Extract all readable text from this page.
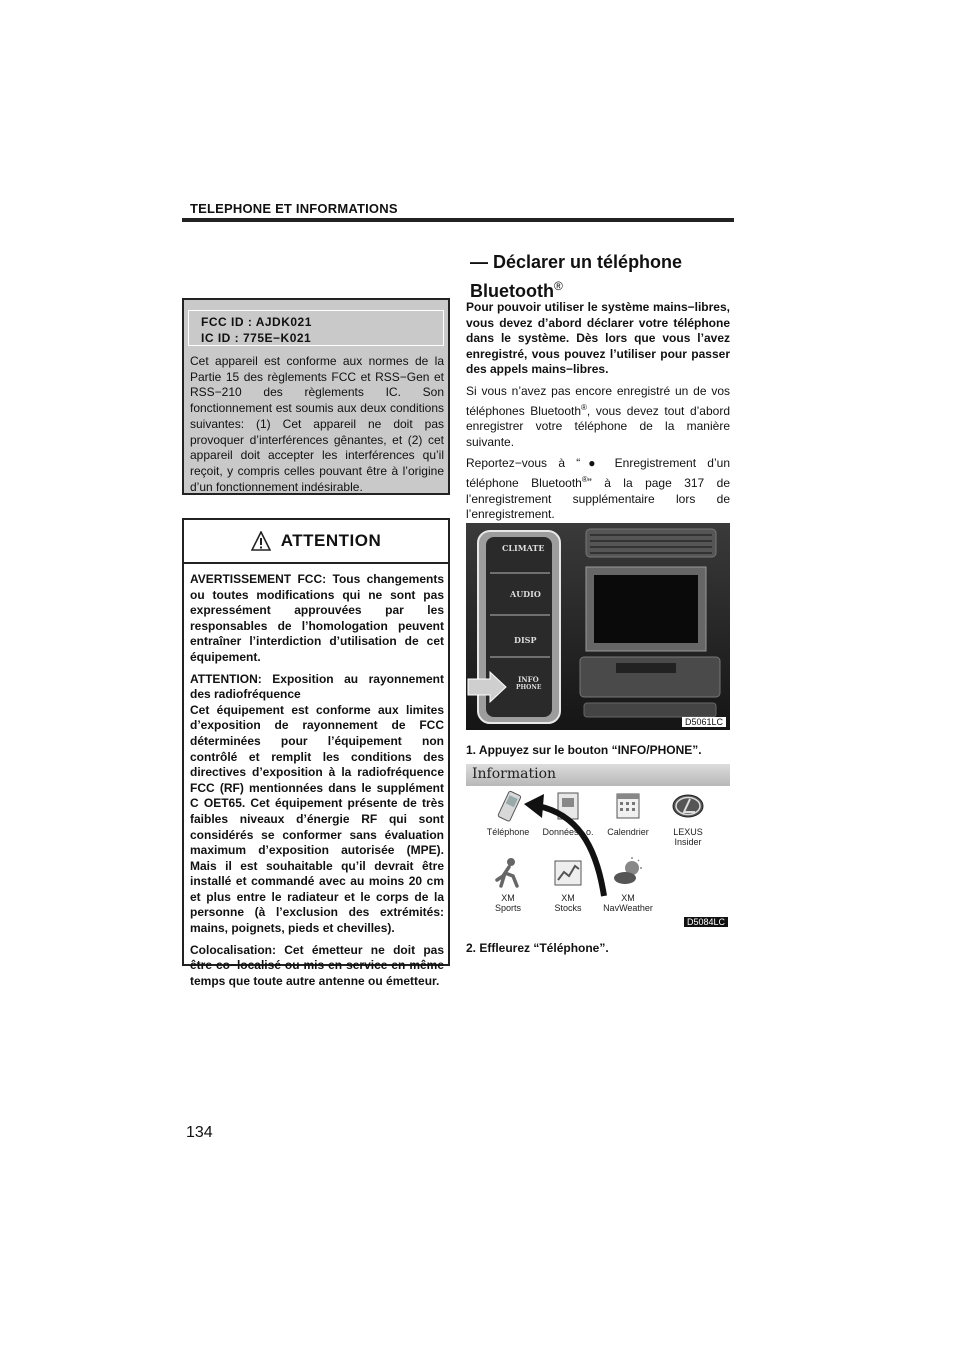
TELEPHONE ET INFORMATIONS
— Déclarer un téléphone
Bluetooth®
FCC ID : AJDK021
IC ID : 775E−K021
Cet appareil est conforme aux normes de la Partie 15 des règlements FCC et RSS−Gen et RSS−210 des règlements IC. Son fonctionnement est soumis aux deux conditions suivantes: (1) Cet appareil ne doit pas provoquer d’interférences gênantes, et (2) cet appareil doit accepter les interférences qu’il reçoit, y compris celles pouvant être à l’origine d’un fonctionnement indésirable.
ATTENTION

AVERTISSEMENT FCC: Tous changements ou toutes modifications qui ne sont pas expressément approuvées par les responsables de l’homologation peuvent entraîner l’interdiction d’utilisation de cet équipement.

ATTENTION: Exposition au rayonnement des radiofréquence
Cet équipement est conforme aux limites d’exposition de rayonnement de FCC déterminées pour l’équipement non contrôlé et remplit les conditions des directives d’exposition à la radiofréquence FCC (RF) mentionnées dans le supplément C OET65. Cet équipement présente de très faibles niveaux d’énergie RF qui sont considérés se conformer sans évaluation maximum d’exposition autorisée (MPE). Mais il est souhaitable qu’il devrait être installé et commandé avec au moins 20 cm et plus entre le radiateur et le corps de la personne (à l’exclusion des extrémités: mains, poignets, pieds et chevilles).

Colocalisation: Cet émetteur ne doit pas être co−localisé ou mis en service en même temps que toute autre antenne ou émetteur.

Pour pouvoir utiliser le système mains−libres, vous devez d’abord déclarer votre téléphone dans le système. Dès lors que vous l’avez enregistré, vous pouvez l’utiliser pour passer des appels mains−libres.

Si vous n’avez pas encore enregistré un de vos téléphones Bluetooth®, vous devez tout d’abord enregistrer votre téléphone de la manière suivante.

Reportez−vous à “● Enregistrement d’un téléphone Bluetooth®” à la page 317 de l’enregistrement supplémentaire lors de l’enregistrement.

CLIMATE
AUDIO
DISP
INFO
PHONE
D5061LC
1. Appuyez sur le bouton “INFO/PHONE”.
Information
Téléphone	Données...o.	Calendrier	LEXUS
Insider
XM
Sports
XM
Stocks
XM
NavWeather
D5084LC
2. Effleurez “Téléphone”.
134
